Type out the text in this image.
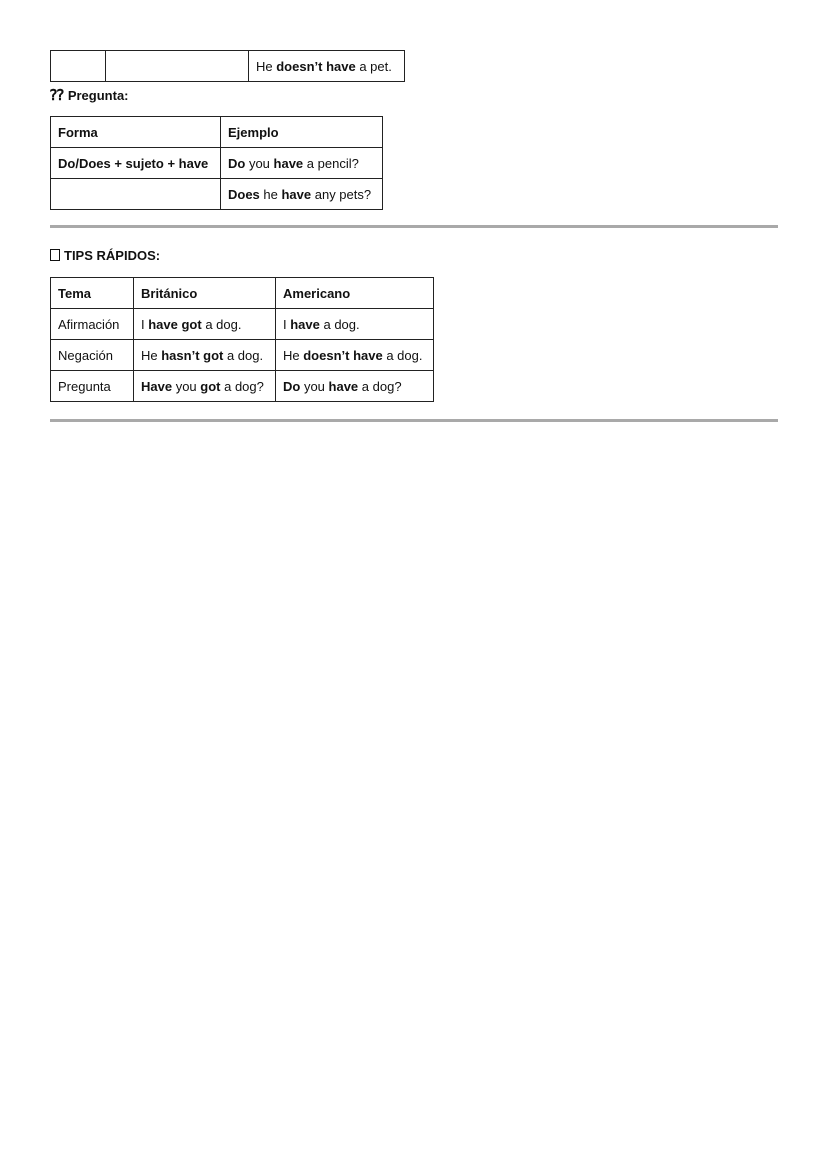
		He doesn’t have a pet.
⁇ Pregunta:
Forma	Ejemplo
Do/Does + sujeto + have	Do you have a pencil?
	Does he have any pets?
TIPS RÁPIDOS:
Tema	Británico	Americano
Afirmación	I have got a dog.	I have a dog.
Negación	He hasn’t got a dog.	He doesn’t have a dog.
Pregunta	Have you got a dog?	Do you have a dog?
